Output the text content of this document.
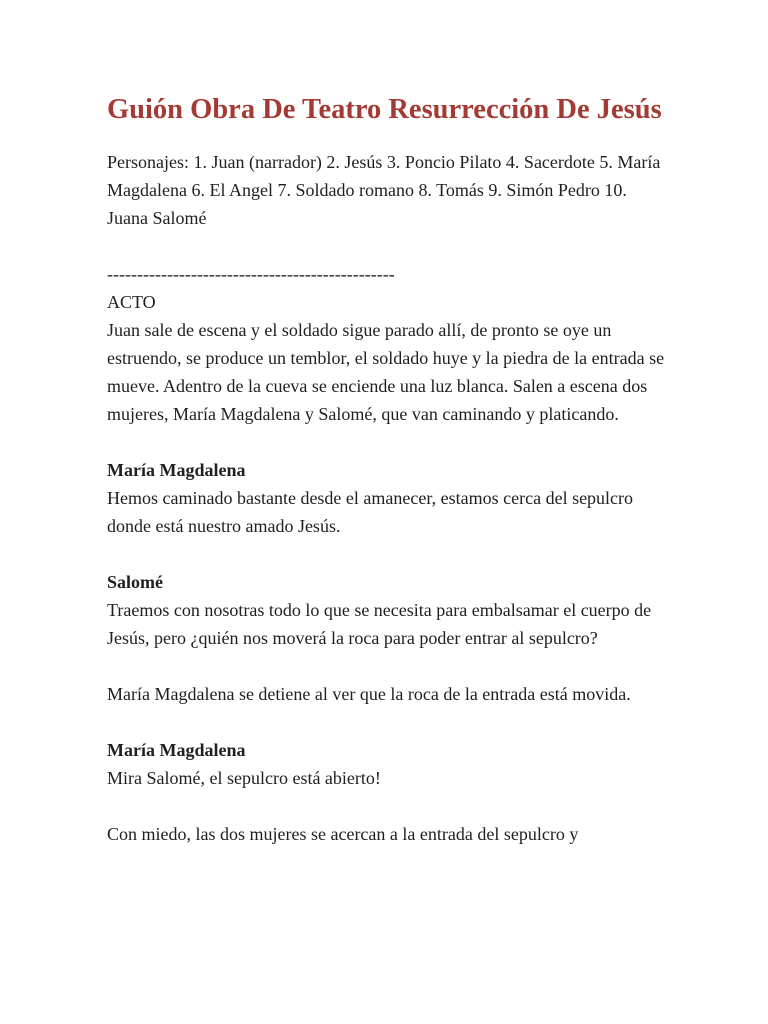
Guión Obra De Teatro Resurrección De Jesús

Personajes: 1. Juan (narrador) 2. Jesús 3. Poncio Pilato 4. Sacerdote 5. María Magdalena 6. El Angel 7. Soldado romano 8. Tomás 9. Simón Pedro 10. Juana Salomé

------------------------------------------------

ACTO

Juan sale de escena y el soldado sigue parado allí, de pronto se oye un estruendo, se produce un temblor, el soldado huye y la piedra de la entrada se mueve. Adentro de la cueva se enciende una luz blanca. Salen a escena dos mujeres, María Magdalena y Salomé, que van caminando y platicando.

María Magdalena

Hemos caminado bastante desde el amanecer, estamos cerca del sepulcro donde está nuestro amado Jesús.

Salomé

Traemos con nosotras todo lo que se necesita para embalsamar el cuerpo de Jesús, pero ¿quién nos moverá la roca para poder entrar al sepulcro?

María Magdalena se detiene al ver que la roca de la entrada está movida.

María Magdalena

Mira Salomé, el sepulcro está abierto!

Con miedo, las dos mujeres se acercan a la entrada del sepulcro y
